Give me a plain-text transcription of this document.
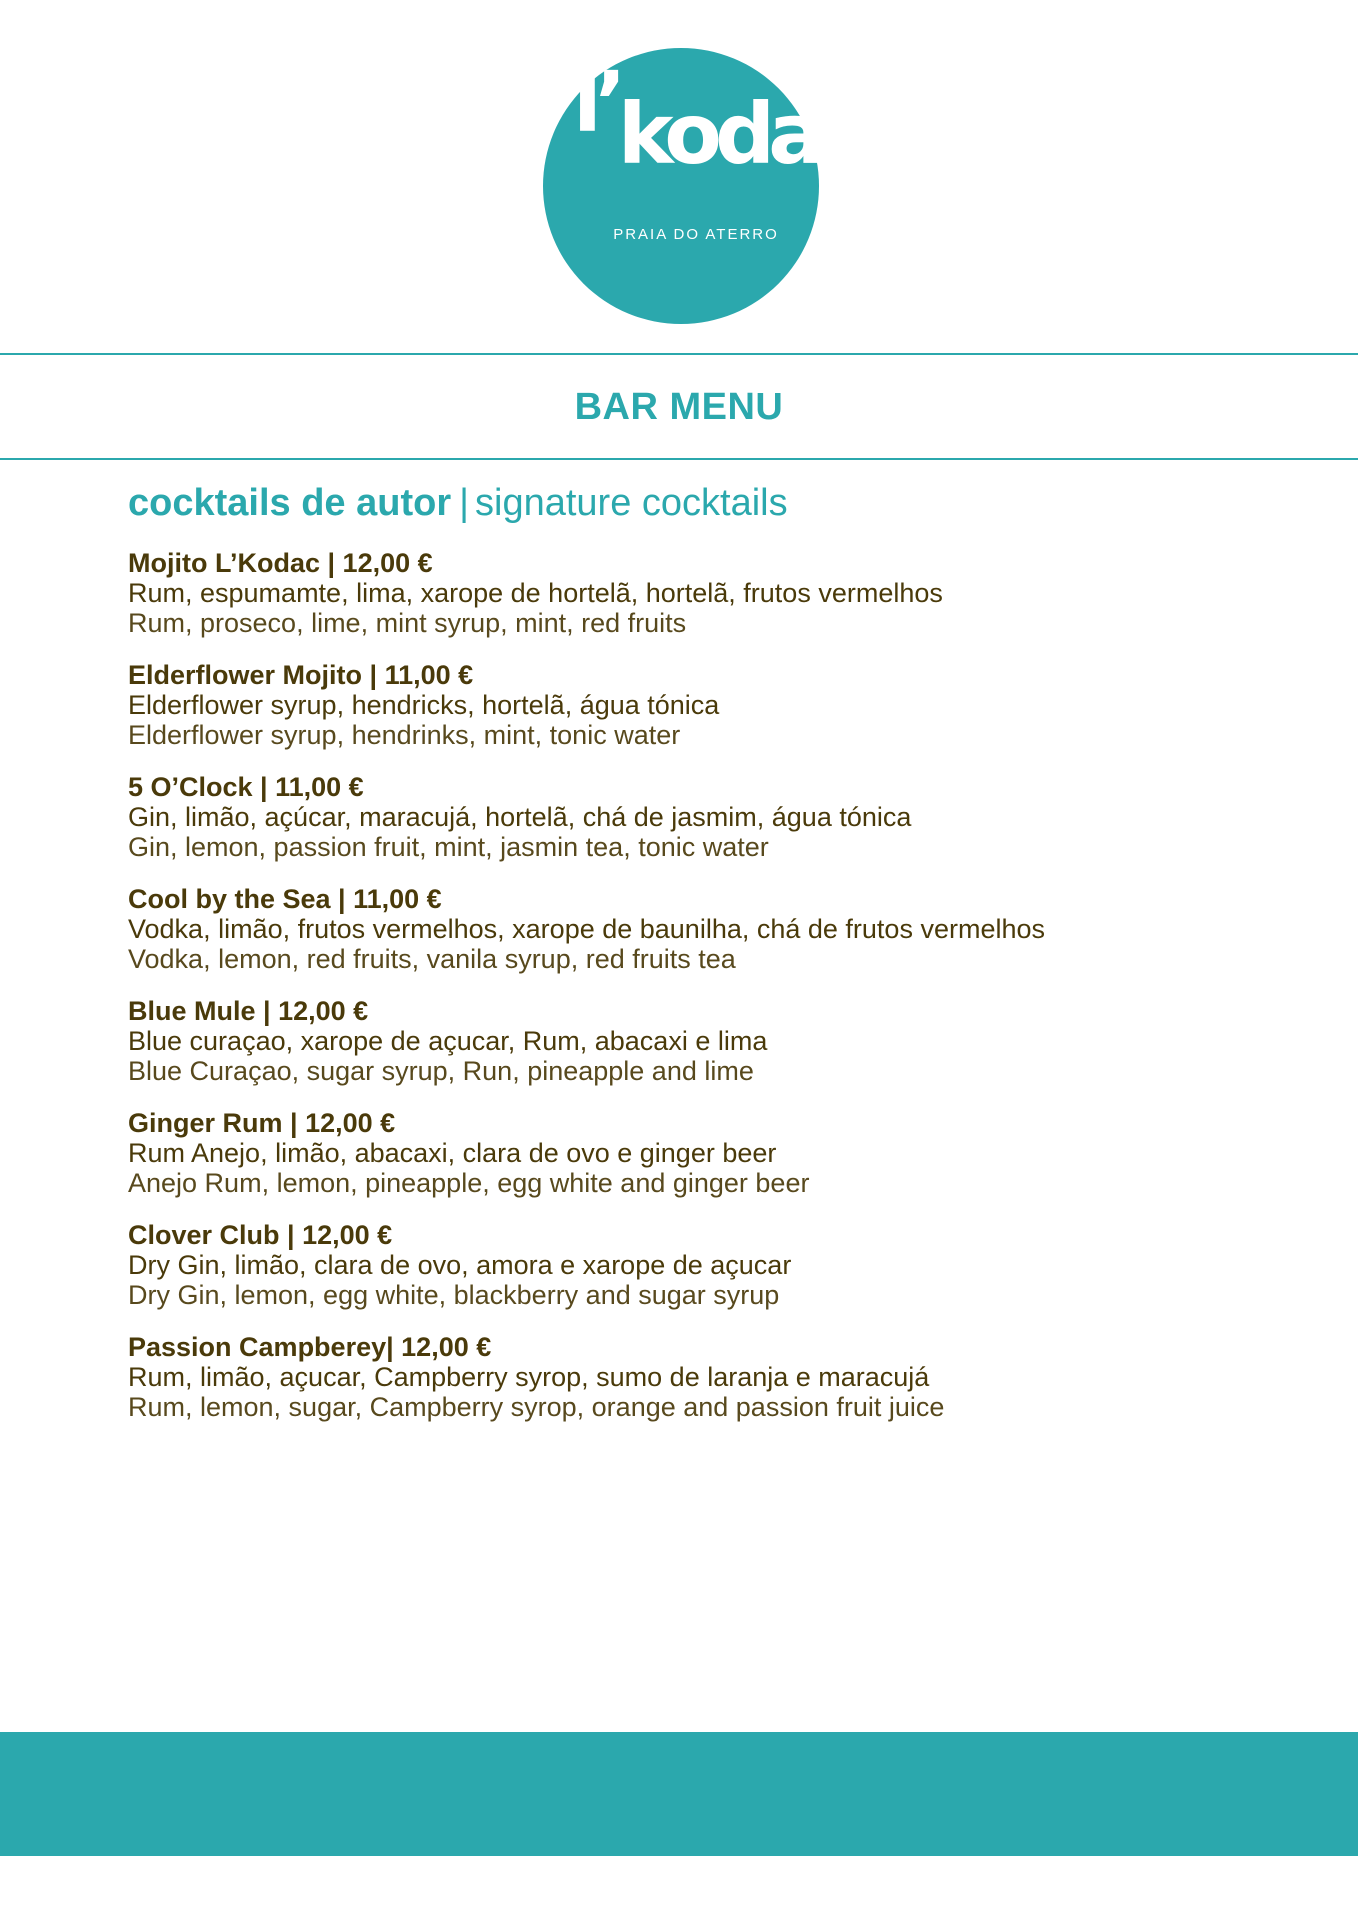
l’kodac
PRAIA DO ATERRO
BAR MENU
cocktails de autor | signature cocktails
Mojito L’Kodac | 12,00 €
Rum, espumamte, lima, xarope de hortelã, hortelã, frutos vermelhos
Rum, proseco, lime, mint syrup, mint, red fruits
Elderflower Mojito | 11,00 €
Elderflower syrup, hendricks, hortelã, água tónica
Elderflower syrup, hendrinks, mint, tonic water
5 O’Clock | 11,00 €
Gin, limão, açúcar, maracujá, hortelã, chá de jasmim, água tónica
Gin, lemon, passion fruit, mint, jasmin tea, tonic water
Cool by the Sea | 11,00 €
Vodka, limão, frutos vermelhos, xarope de baunilha, chá de frutos vermelhos
Vodka, lemon, red fruits, vanila syrup, red fruits tea
Blue Mule | 12,00 €
Blue curaçao, xarope de açucar, Rum, abacaxi e lima
Blue Curaçao, sugar syrup, Run, pineapple and lime
Ginger Rum | 12,00 €
Rum Anejo, limão, abacaxi, clara de ovo e ginger beer
Anejo Rum, lemon, pineapple, egg white and ginger beer
Clover Club | 12,00 €
Dry Gin, limão, clara de ovo, amora e xarope de açucar
Dry Gin, lemon, egg white, blackberry and sugar syrup
Passion Campberey| 12,00 €
Rum, limão, açucar, Campberry syrop, sumo de laranja e maracujá
Rum, lemon, sugar, Campberry syrop, orange and passion fruit juice
